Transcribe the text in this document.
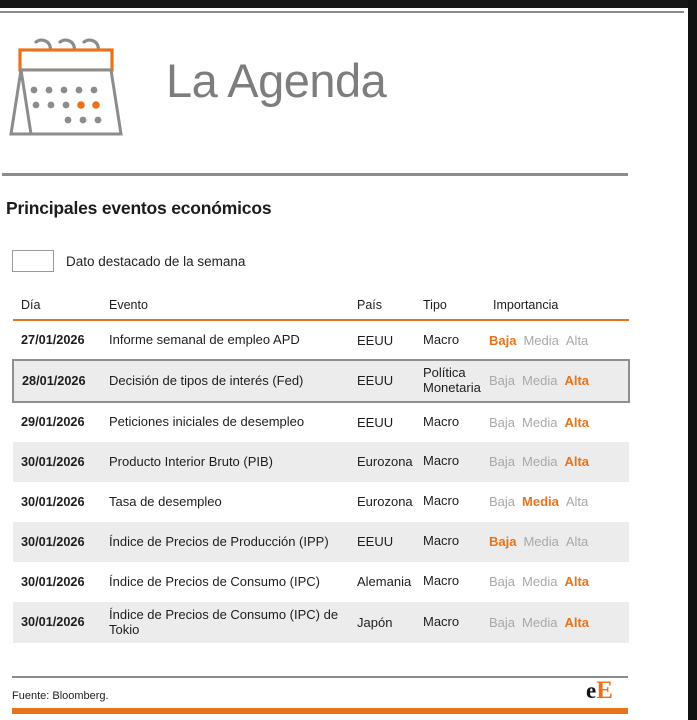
La Agenda
Principales eventos económicos
Dato destacado de la semana
Día	Evento	País	Tipo	Importancia
27/01/2026	Informe semanal de empleo APD	EEUU	Macro	Baja Media Alta

28/01/2026	Decisión de tipos de interés (Fed)	EEUU	Política Monetaria	Baja Media Alta

29/01/2026	Peticiones iniciales de desempleo	EEUU	Macro	Baja Media Alta

30/01/2026	Producto Interior Bruto (PIB)	Eurozona	Macro	Baja Media Alta

30/01/2026	Tasa de desempleo	Eurozona	Macro	Baja Media Alta

30/01/2026	Índice de Precios de Producción (IPP)	EEUU	Macro	Baja Media Alta

30/01/2026	Índice de Precios de Consumo (IPC)	Alemania	Macro	Baja Media Alta

30/01/2026	Índice de Precios de Consumo (IPC) de Tokio	Japón	Macro	Baja Media Alta
Fuente: Bloomberg.	eE
